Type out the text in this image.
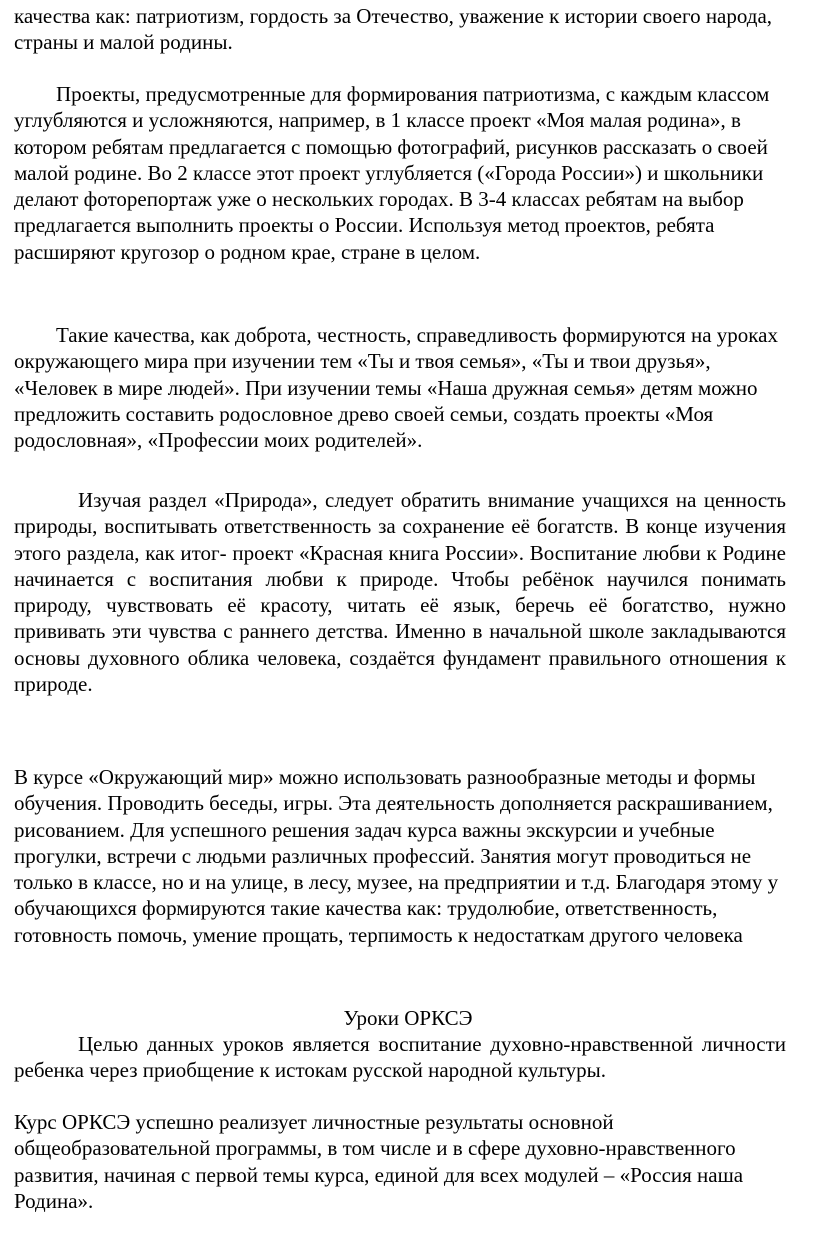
качества как: патриотизм, гордость за Отечество, уважение к истории своего народа, страны и малой родины.

Проекты, предусмотренные для формирования патриотизма, с каждым классом углубляются и усложняются, например, в 1 классе проект «Моя малая родина», в котором ребятам предлагается с помощью фотографий, рисунков рассказать о своей малой родине. Во 2 классе этот проект углубляется («Города России») и школьники делают фоторепортаж уже о нескольких городах. В 3-4 классах ребятам на выбор предлагается выполнить проекты о России. Используя метод проектов, ребята расширяют кругозор о родном крае, стране в целом.

Такие качества, как доброта, честность, справедливость формируются на уроках окружающего мира при изучении тем «Ты и твоя семья», «Ты и твои друзья», «Человек в мире людей». При изучении темы «Наша дружная семья» детям можно предложить составить родословное древо своей семьи, создать проекты «Моя родословная», «Профессии моих родителей».

Изучая раздел «Природа», следует обратить внимание учащихся на ценность природы, воспитывать ответственность за сохранение её богатств. В конце изучения этого раздела, как итог- проект «Красная книга России». Воспитание любви к Родине начинается с воспитания любви к природе. Чтобы ребёнок научился понимать природу, чувствовать её красоту, читать её язык, беречь её богатство, нужно прививать эти чувства с раннего детства. Именно в начальной школе закладываются основы духовного облика человека, создаётся фундамент правильного отношения к природе.

В курсе «Окружающий мир» можно использовать разнообразные методы и формы обучения. Проводить беседы, игры. Эта деятельность дополняется раскрашиванием, рисованием. Для успешного решения задач курса важны экскурсии и учебные прогулки, встречи с людьми различных профессий. Занятия могут проводиться не только в классе, но и на улице, в лесу, музее, на предприятии и т.д. Благодаря этому у обучающихся формируются такие качества как: трудолюбие, ответственность, готовность помочь, умение прощать, терпимость к недостаткам другого человека

Уроки ОРКСЭ

Целью данных уроков является воспитание духовно-нравственной личности ребенка через приобщение к истокам русской народной культуры.

Курс ОРКСЭ успешно реализует личностные результаты основной общеобразовательной программы, в том числе и в сфере духовно-нравственного развития, начиная с первой темы курса, единой для всех модулей – «Россия наша Родина».
